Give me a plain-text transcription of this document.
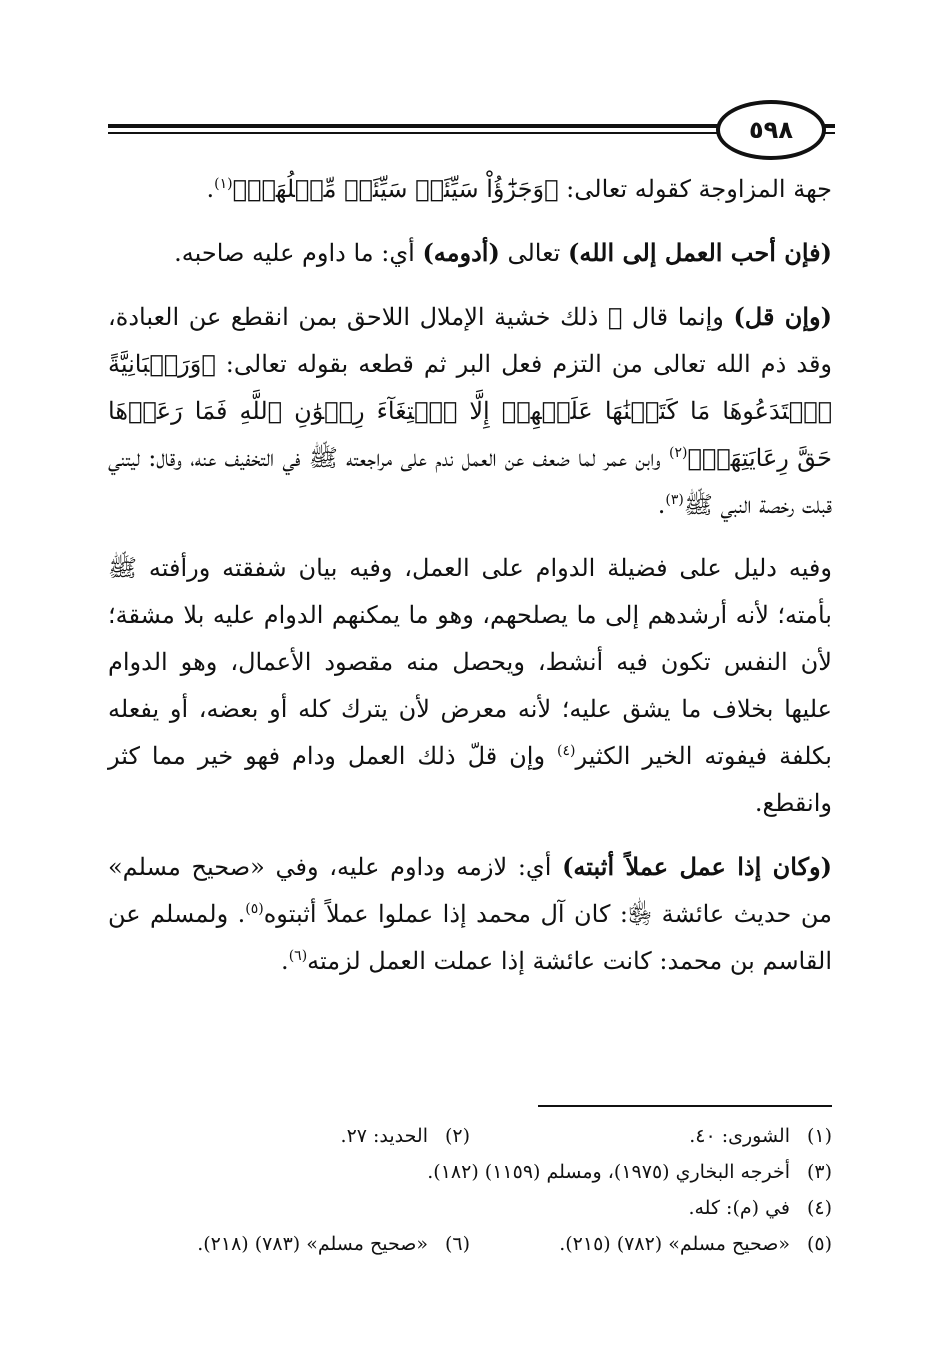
٥٩٨

جهة المزاوجة كقوله تعالى: ﴿وَجَزَٰٓؤُاْ سَيِّئَةٖ سَيِّئَةٞ مِّثۡلُهَاۖ﴾$^{(١)}$.

(فإن أحب العمل إلى الله) تعالى (أدومه) أي: ما داوم عليه صاحبه.

(وإن قل) وإنما قال ﷺ ذلك خشية الإملال اللاحق بمن انقطع عن العبادة، وقد ذم الله تعالى من التزم فعل البر ثم قطعه بقوله تعالى: ﴿وَرَهۡبَانِيَّةً ٱبۡتَدَعُوهَا مَا كَتَبۡنَٰهَا عَلَيۡهِمۡ إِلَّا ٱبۡتِغَآءَ رِضۡوَٰنِ ٱللَّهِ فَمَا رَعَوۡهَا حَقَّ رِعَايَتِهَاۖ﴾$^{(٢)}$ وابن عمر لما ضعف عن العمل ندم على مراجعته ﷺ في التخفيف عنه، وقال: ليتني قبلت رخصة النبي ﷺ$^{(٣)}$.

وفيه دليل على فضيلة الدوام على العمل، وفيه بيان شفقته ورأفته ﷺ بأمته؛ لأنه أرشدهم إلى ما يصلحهم، وهو ما يمكنهم الدوام عليه بلا مشقة؛ لأن النفس تكون فيه أنشط، ويحصل منه مقصود الأعمال، وهو الدوام عليها بخلاف ما يشق عليه؛ لأنه معرض لأن يترك كله أو بعضه، أو يفعله بكلفة فيفوته الخير الكثير$^{(٤)}$ وإن قلّ ذلك العمل ودام فهو خير مما كثر وانقطع.

(وكان إذا عمل عملاً أثبته) أي: لازمه وداوم عليه، وفي «صحيح مسلم» من حديث عائشة ﵂: كان آل محمد إذا عملوا عملاً أثبتوه$^{(٥)}$. ولمسلم عن القاسم بن محمد: كانت عائشة إذا عملت العمل لزمته$^{(٦)}$.

(١)الشورى: ٤٠.
(٢)الحديد: ٢٧.
(٣)أخرجه البخاري (١٩٧٥)، ومسلم (١١٥٩) (١٨٢).
(٤)في (م): كله.
(٥)«صحيح مسلم» (٧٨٢) (٢١٥).
(٦)«صحيح مسلم» (٧٨٣) (٢١٨).
